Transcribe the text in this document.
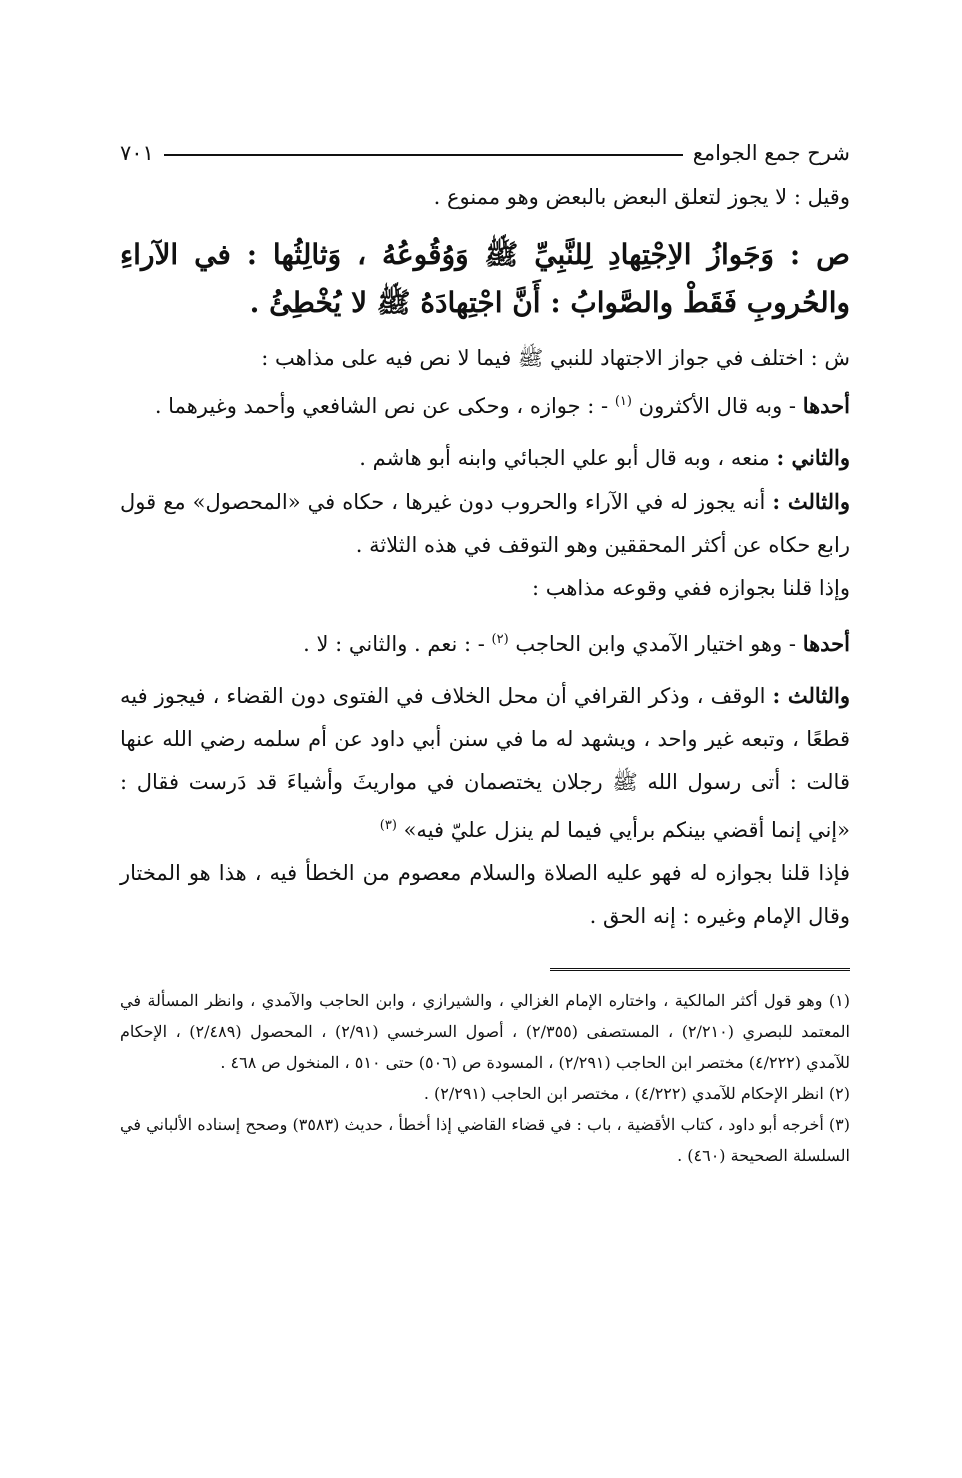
شرح جمع الجوامع
٧٠١

وقيل : لا يجوز لتعلق البعض بالبعض وهو ممنوع .

ص : وَجَوازُ الاِجْتِهادِ لِلنَّبِيِّ ﷺ وَوُقُوعُهُ ، وَثالِثُها : في الآراءِ والحُروبِ فَقَطْ والصَّوابُ : أَنَّ اجْتِهادَهُ ﷺ لا يُخْطِئُ .

ش : اختلف في جواز الاجتهاد للنبي ﷺ فيما لا نص فيه على مذاهب :

أحدها - وبه قال الأكثرون $^{(١)}$ - : جوازه ، وحكى عن نص الشافعي وأحمد وغيرهما .

والثاني : منعه ، وبه قال أبو علي الجبائي وابنه أبو هاشم .

والثالث : أنه يجوز له في الآراء والحروب دون غيرها ، حكاه في «المحصول» مع قول رابع حكاه عن أكثر المحققين وهو التوقف في هذه الثلاثة .

وإذا قلنا بجوازه ففي وقوعه مذاهب :

أحدها - وهو اختيار الآمدي وابن الحاجب $^{(٢)}$ - : نعم . والثاني : لا .

والثالث : الوقف ، وذكر القرافي أن محل الخلاف في الفتوى دون القضاء ، فيجوز فيه قطعًا ، وتبعه غير واحد ، ويشهد له ما في سنن أبي داود عن أم سلمه رضي الله عنها قالت : أتى رسول الله ﷺ رجلان يختصمان في مواريثَ وأشياءَ قد دَرست فقال : «إني إنما أقضي بينكم برأيي فيما لم ينزل عليّ فيه» $^{(٣)}$

فإذا قلنا بجوازه له فهو عليه الصلاة والسلام معصوم من الخطأ فيه ، هذا هو المختار وقال الإمام وغيره : إنه الحق .

(١) وهو قول أكثر المالكية ، واختاره الإمام الغزالي ، والشيرازي ، وابن الحاجب والآمدي ، وانظر المسألة في المعتمد للبصري (٢/٢١٠) ، المستصفى (٢/٣٥٥) ، أصول السرخسي (٢/٩١) ، المحصول (٢/٤٨٩) ، الإحكام للآمدي (٤/٢٢٢) مختصر ابن الحاجب (٢/٢٩١) ، المسودة ص (٥٠٦) حتى ٥١٠ ، المنخول ص ٤٦٨ .

(٢) انظر الإحكام للآمدي (٤/٢٢٢) ، مختصر ابن الحاجب (٢/٢٩١) .

(٣) أخرجه أبو داود ، كتاب الأقضية ، باب : في قضاء القاضي إذا أخطأ ، حديث (٣٥٨٣) وصحح إسناده الألباني في السلسلة الصحيحة (٤٦٠) .
